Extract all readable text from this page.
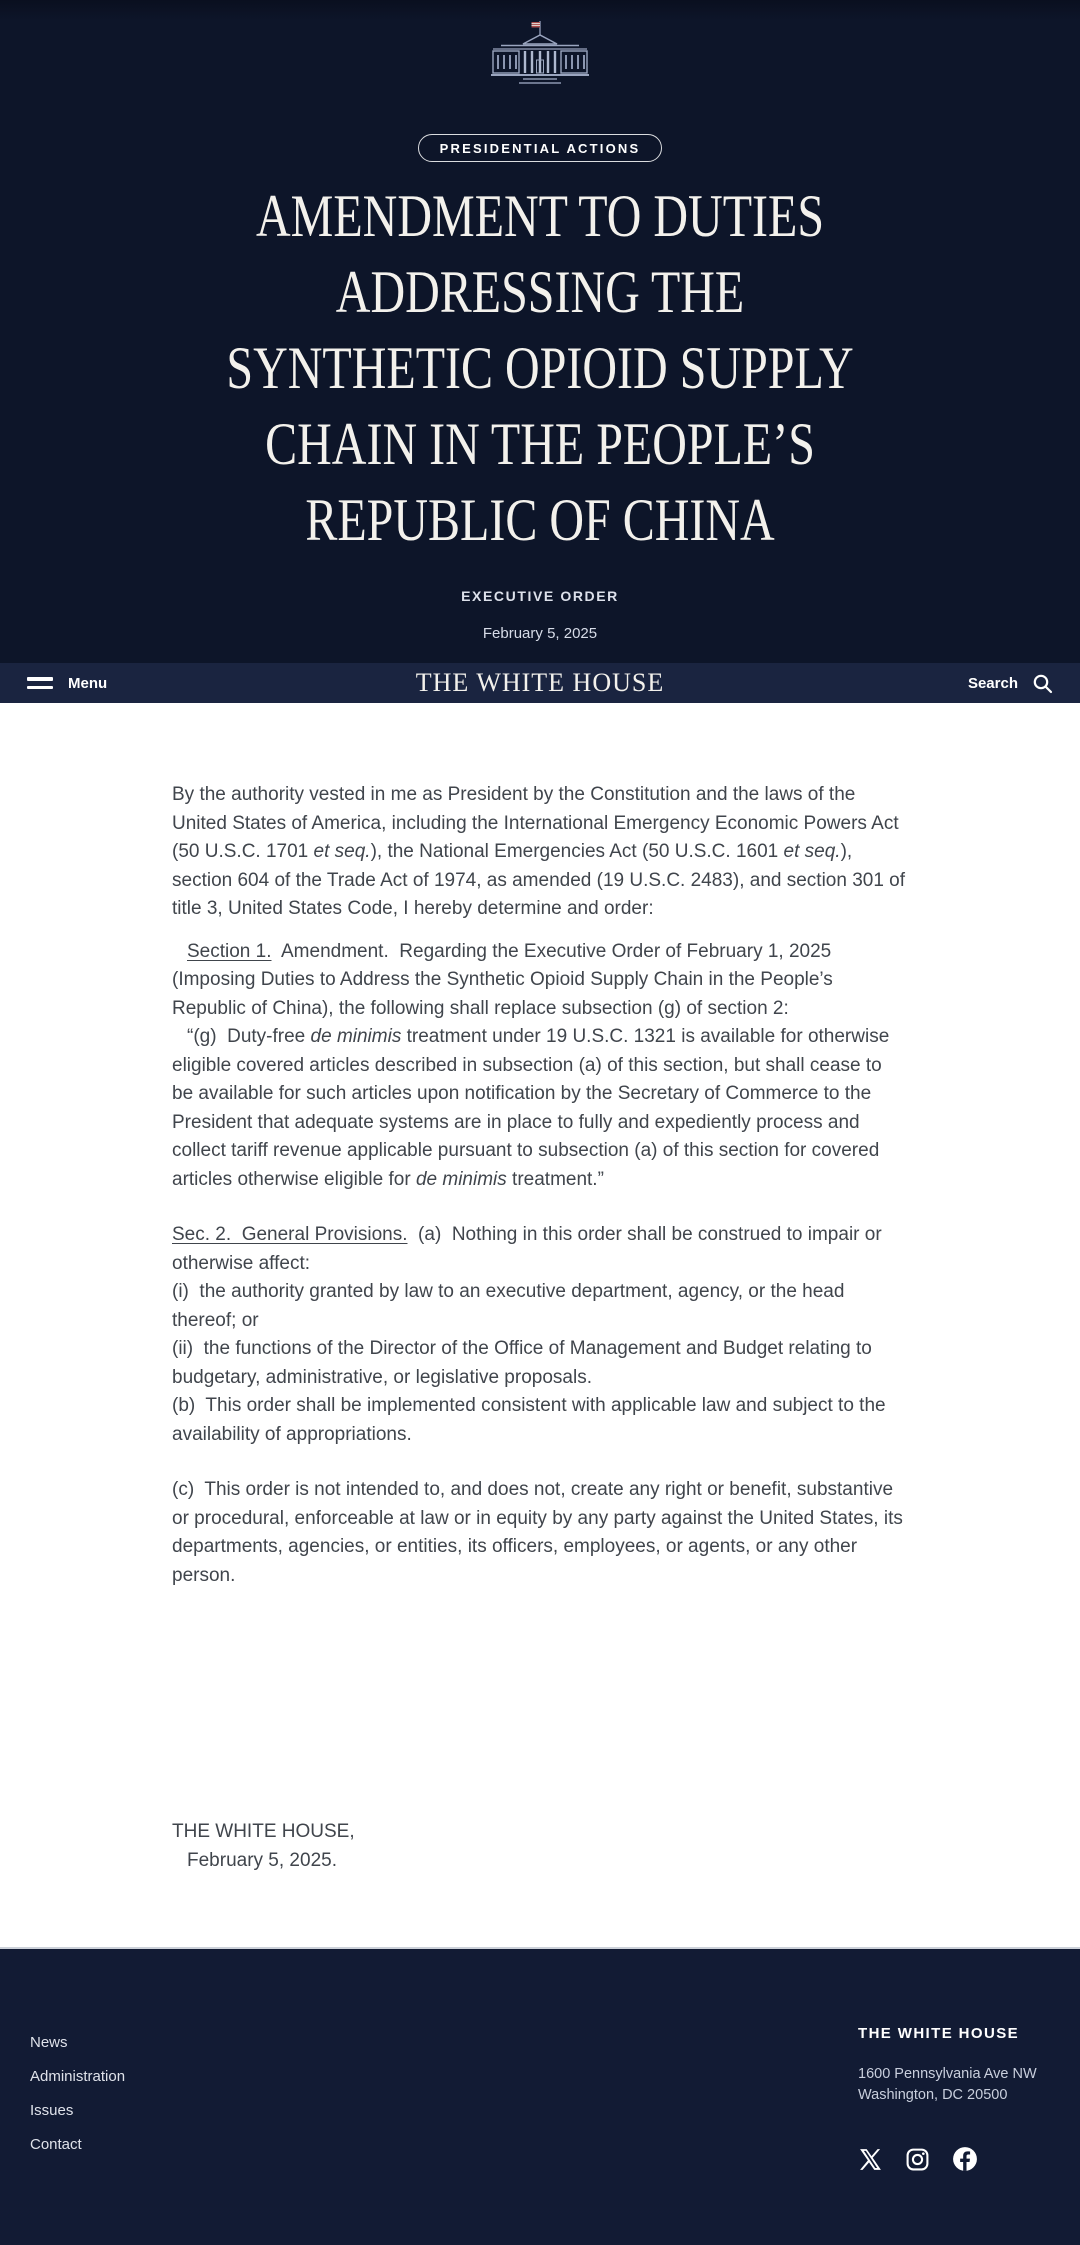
PRESIDENTIAL ACTIONS
AMENDMENT TO DUTIES
ADDRESSING THE
SYNTHETIC OPIOID SUPPLY
CHAIN IN THE PEOPLE’S
REPUBLIC OF CHINA
EXECUTIVE ORDER
February 5, 2025
Menu	THE WHITE HOUSE	Search

By the authority vested in me as President by the Constitution and the laws of the United States of America, including the International Emergency Economic Powers Act (50 U.S.C. 1701 et seq.), the National Emergencies Act (50 U.S.C. 1601 et seq.), section 604 of the Trade Act of 1974, as amended (19 U.S.C. 2483), and section 301 of title 3, United States Code, I hereby determine and order:

Section 1.  Amendment.  Regarding the Executive Order of February 1, 2025 (Imposing Duties to Address the Synthetic Opioid Supply Chain in the People’s Republic of China), the following shall replace subsection (g) of section 2:

“(g)  Duty-free de minimis treatment under 19 U.S.C. 1321 is available for otherwise eligible covered articles described in subsection (a) of this section, but shall cease to be available for such articles upon notification by the Secretary of Commerce to the President that adequate systems are in place to fully and expediently process and collect tariff revenue applicable pursuant to subsection (a) of this section for covered articles otherwise eligible for de minimis treatment.”

Sec. 2.  General Provisions.  (a)  Nothing in this order shall be construed to impair or otherwise affect:

(i)  the authority granted by law to an executive department, agency, or the head thereof; or

(ii)  the functions of the Director of the Office of Management and Budget relating to budgetary, administrative, or legislative proposals.

(b)  This order shall be implemented consistent with applicable law and subject to the availability of appropriations.

(c)  This order is not intended to, and does not, create any right or benefit, substantive or procedural, enforceable at law or in equity by any party against the United States, its departments, agencies, or entities, its officers, employees, or agents, or any other person.

THE WHITE HOUSE,
February 5, 2025.
News
Administration
Issues
Contact
THE WHITE HOUSE
1600 Pennsylvania Ave NW
Washington, DC 20500
